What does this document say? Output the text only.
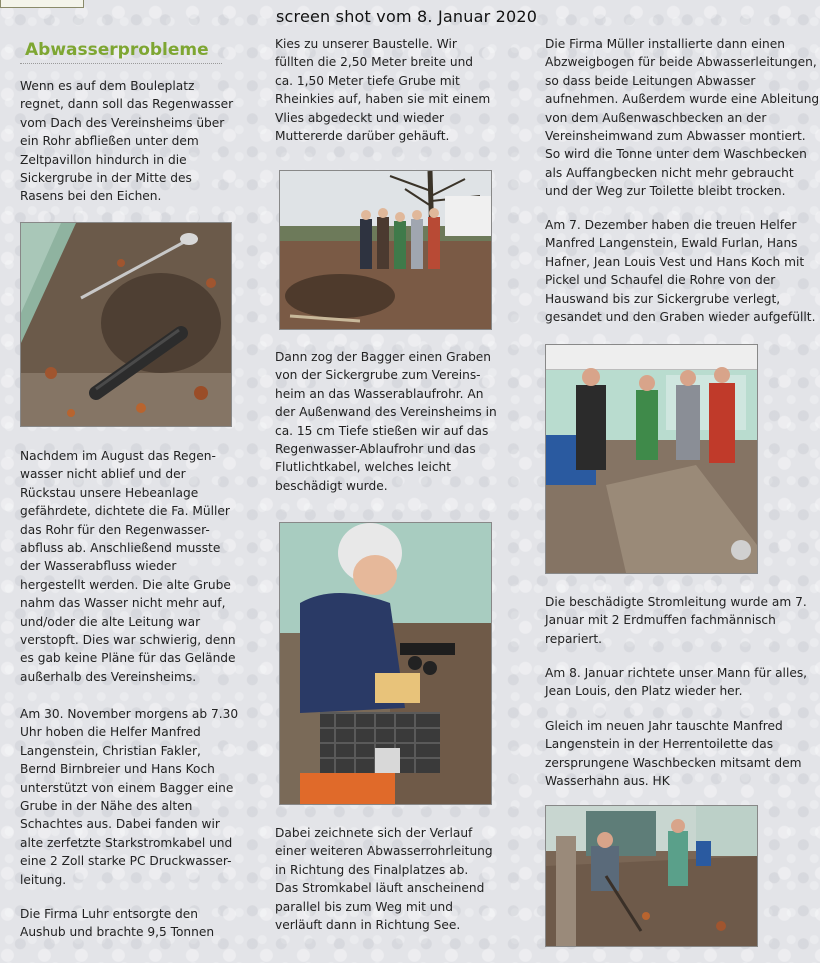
screen shot vom 8. Januar 2020
Abwasserprobleme

Wenn es auf dem Bouleplatz
regnet, dann soll das Regenwasser
vom Dach des Vereinsheims über
ein Rohr abfließen unter dem
Zeltpavillon hindurch in die
Sickergrube in der Mitte des
Rasens bei den Eichen.

Nachdem im August das Regen-
wasser nicht ablief und der
Rückstau unsere Hebeanlage
gefährdete, dichtete die Fa. Müller
das Rohr für den Regenwasser-
abfluss ab. Anschließend musste
der Wasserabfluss wieder
hergestellt werden. Die alte Grube
nahm das Wasser nicht mehr auf,
und/oder die alte Leitung war
verstopft. Dies war schwierig, denn
es gab keine Pläne für das Gelände
außerhalb des Vereinsheims.

Am 30. November morgens ab 7.30
Uhr hoben die Helfer Manfred
Langenstein, Christian Fakler,
Bernd Birnbreier und Hans Koch
unterstützt von einem Bagger eine
Grube in der Nähe des alten
Schachtes aus. Dabei fanden wir
alte zerfetzte Starkstromkabel und
eine 2 Zoll starke PC Druckwasser-
leitung.

Die Firma Luhr entsorgte den
Aushub und brachte 9,5 Tonnen

Kies zu unserer Baustelle. Wir
füllten die 2,50 Meter breite und
ca. 1,50 Meter tiefe Grube mit
Rheinkies auf, haben sie mit einem
Vlies abgedeckt und wieder
Muttererde darüber gehäuft.

Dann zog der Bagger einen Graben
von der Sickergrube zum Vereins-
heim an das Wasserablaufrohr. An
der Außenwand des Vereinsheims in
ca. 15 cm Tiefe stießen wir auf das
Regenwasser-Ablaufrohr und das
Flutlichtkabel, welches leicht
beschädigt wurde.

Dabei zeichnete sich der Verlauf
einer weiteren Abwasserrohrleitung
in Richtung des Finalplatzes ab.
Das Stromkabel läuft anscheinend
parallel bis zum Weg mit und
verläuft dann in Richtung See.

Die Firma Müller installierte dann einen
Abzweigbogen für beide Abwasserleitungen,
so dass beide Leitungen Abwasser
aufnehmen. Außerdem wurde eine Ableitung
von dem Außenwaschbecken an der
Vereinsheimwand zum Abwasser montiert.
So wird die Tonne unter dem Waschbecken
als Auffangbecken nicht mehr gebraucht
und der Weg zur Toilette bleibt trocken.

Am 7. Dezember haben die treuen Helfer
Manfred Langenstein, Ewald Furlan, Hans
Hafner, Jean Louis Vest und Hans Koch mit
Pickel und Schaufel die Rohre von der
Hauswand bis zur Sickergrube verlegt,
gesandet und den Graben wieder aufgefüllt.

Die beschädigte Stromleitung wurde am 7.
Januar mit 2 Erdmuffen fachmännisch
repariert.

Am 8. Januar richtete unser Mann für alles,
Jean Louis, den Platz wieder her.

Gleich im neuen Jahr tauschte Manfred
Langenstein in der Herrentoilette das
zersprungene Waschbecken mitsamt dem
Wasserhahn aus. HK
